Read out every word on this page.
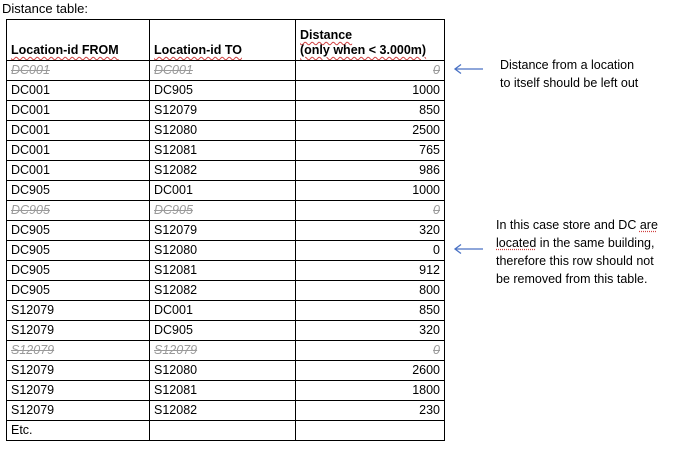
Distance table:
Location-id FROM	Location-id TO	Distance
(only when < 3.000m)
DC001	DC001	0
DC001	DC905	1000
DC001	S12079	850
DC001	S12080	2500
DC001	S12081	765
DC001	S12082	986
DC905	DC001	1000
DC905	DC905	0
DC905	S12079	320
DC905	S12080	0
DC905	S12081	912
DC905	S12082	800
S12079	DC001	850
S12079	DC905	320
S12079	S12079	0
S12079	S12080	2600
S12079	S12081	1800
S12079	S12082	230
Etc.		
Distance from a location
to itself should be left out
In this case store and DC are
located in the same building,
therefore this row should not
be removed from this table.
